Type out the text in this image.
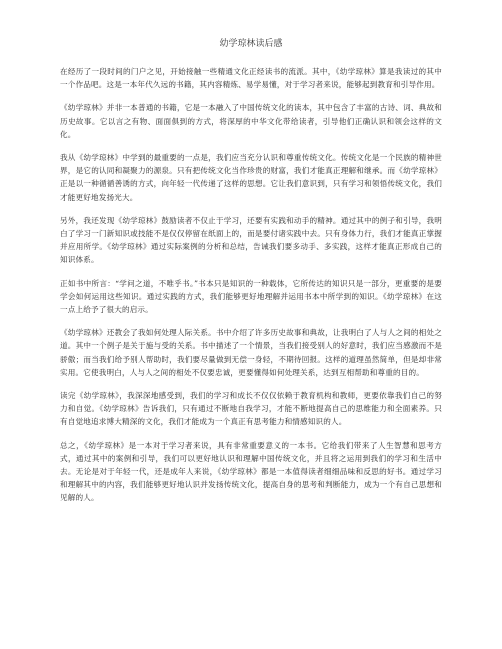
幼学琼林读后感

在经历了一段时间的门户之见，开始接触一些精通文化正经读书的流派。其中，《幼学琼林》算是我读过的其中一个作品吧。这是一本年代久远的书籍，其内容精炼、易学易懂，对于学习者来说，能够起到教育和引导作用。

《幼学琼林》并非一本普通的书籍，它是一本融入了中国传统文化的读本，其中包含了丰富的古诗、词、典故和历史故事。它以言之有物、面面俱到的方式，将深厚的中华文化带给读者，引导他们正确认识和领会这样的文化。

我从《幼学琼林》中学到的最重要的一点是，我们应当充分认识和尊重传统文化。传统文化是一个民族的精神世界，是它的认同和凝聚力的源泉。只有把传统文化当作珍贵的财富，我们才能真正理解和继承。而《幼学琼林》正是以一种循循善诱的方式，向年轻一代传递了这样的思想。它让我们意识到，只有学习和领悟传统文化，我们才能更好地发扬光大。

另外，我还发现《幼学琼林》鼓励读者不仅止于学习，还要有实践和动手的精神。通过其中的例子和引导，我明白了学习一门新知识或技能不是仅仅停留在纸面上的，而是要付诸实践中去。只有身体力行，我们才能真正掌握并应用所学。《幼学琼林》通过实际案例的分析和总结，告诫我们要多动手、多实践，这样才能真正形成自己的知识体系。

正如书中所言：“学问之道，不唯乎书。”书本只是知识的一种载体，它所传达的知识只是一部分，更重要的是要学会如何运用这些知识。通过实践的方式，我们能够更好地理解并运用书本中所学到的知识。《幼学琼林》在这一点上给予了很大的启示。

《幼学琼林》还教会了我如何处理人际关系。书中介绍了许多历史故事和典故，让我明白了人与人之间的相处之道。其中一个例子是关于施与受的关系。书中描述了一个情景，当我们接受别人的好意时，我们应当感激而不是骄傲；而当我们给予别人帮助时，我们要尽量做到无偿一身轻，不期待回报。这样的道理虽然简单，但是却非常实用。它使我明白，人与人之间的相处不仅要忠诚，更要懂得如何处理关系，达到互相帮助和尊重的目的。

读完《幼学琼林》，我深深地感受到，我们的学习和成长不仅仅依赖于教育机构和教师，更要依靠我们自己的努力和自觉。《幼学琼林》告诉我们，只有通过不断地自我学习，才能不断地提高自己的思维能力和全面素养。只有自觉地追求博大精深的文化，我们才能成为一个真正有思考能力和情感知识的人。

总之，《幼学琼林》是一本对于学习者来说，具有非常重要意义的一本书。它给我们带来了人生智慧和思考方式，通过其中的案例和引导，我们可以更好地认识和理解中国传统文化，并且将之运用到我们的学习和生活中去。无论是对于年轻一代，还是成年人来说，《幼学琼林》都是一本值得读者细细品味和反思的好书。通过学习和理解其中的内容，我们能够更好地认识并发扬传统文化，提高自身的思考和判断能力，成为一个有自己思想和见解的人。
